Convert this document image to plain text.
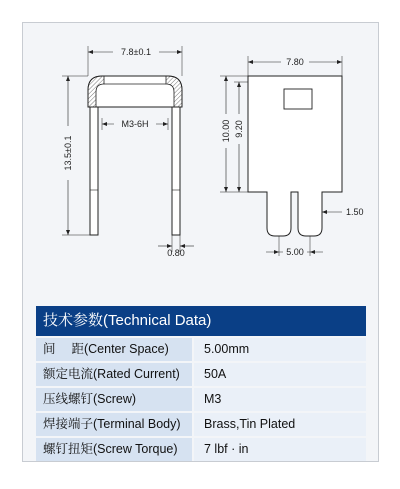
7.8±0.1
M3-6H
13.5±0.1
0.80
7.80
10.00 9.20
1.50
5.00
技术参数(Technical Data)
间　 距(Center Space)	5.00mm
额定电流(Rated Current)	50A
压线螺钉(Screw)	M3
焊接端子(Terminal Body)	Brass,Tin Plated
螺钉扭矩(Screw Torque)	7 lbf · in
